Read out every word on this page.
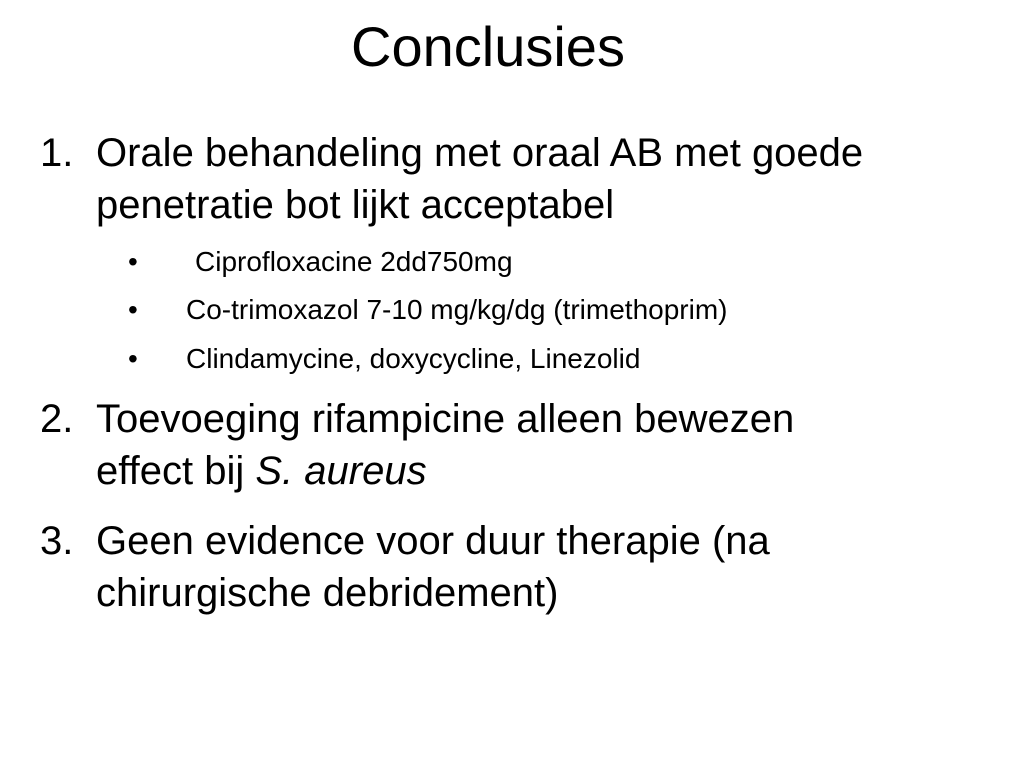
Conclusies
1. Orale behandeling met oraal AB met goede
penetratie bot lijkt acceptabel
• Ciprofloxacine 2dd750mg
• Co-trimoxazol 7-10 mg/kg/dg (trimethoprim)
• Clindamycine, doxycycline, Linezolid
2. Toevoeging rifampicine alleen bewezen
effect bij S. aureus
3. Geen evidence voor duur therapie (na
chirurgische debridement)
